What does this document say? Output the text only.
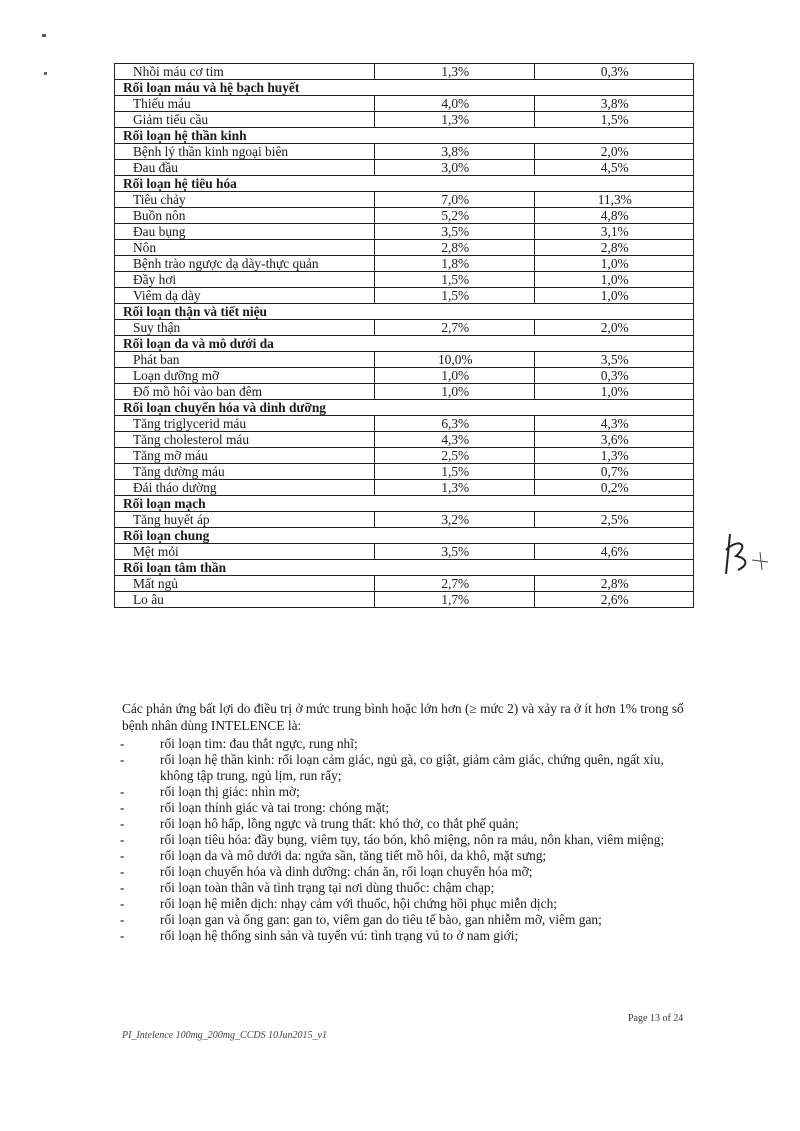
Nhồi máu cơ tim	1,3%	0,3%
Rối loạn máu và hệ bạch huyết		
Thiếu máu	4,0%	3,8%
Giảm tiểu cầu	1,3%	1,5%
Rối loạn hệ thần kinh		
Bệnh lý thần kinh ngoại biên	3,8%	2,0%
Đau đầu	3,0%	4,5%
Rối loạn hệ tiêu hóa		
Tiêu chảy	7,0%	11,3%
Buồn nôn	5,2%	4,8%
Đau bụng	3,5%	3,1%
Nôn	2,8%	2,8%
Bệnh trào ngược dạ dày-thực quản	1,8%	1,0%
Đầy hơi	1,5%	1,0%
Viêm dạ dày	1,5%	1,0%
Rối loạn thận và tiết niệu		
Suy thận	2,7%	2,0%
Rối loạn da và mô dưới da		
Phát ban	10,0%	3,5%
Loạn dưỡng mỡ	1,0%	0,3%
Đổ mồ hôi vào ban đêm	1,0%	1,0%
Rối loạn chuyển hóa và dinh dưỡng		
Tăng triglycerid máu	6,3%	4,3%
Tăng cholesterol máu	4,3%	3,6%
Tăng mỡ máu	2,5%	1,3%
Tăng dường máu	1,5%	0,7%
Đái tháo dường	1,3%	0,2%
Rối loạn mạch		
Tăng huyết áp	3,2%	2,5%
Rối loạn chung		
Mệt mỏi	3,5%	4,6%
Rối loạn tâm thần		
Mất ngủ	2,7%	2,8%
Lo âu	1,7%	2,6%

Các phản ứng bất lợi do điều trị ở mức trung bình hoặc lớn hơn (≥ mức 2) và xảy ra ở ít hơn 1% trong số bệnh nhân dùng INTELENCE là:

-	rối loạn tim: đau thắt ngực, rung nhĩ;
-	rối loạn hệ thần kinh: rối loạn cảm giác, ngủ gà, co giật, giảm cảm giác, chứng quên, ngất xỉu, không tập trung, ngủ lịm, run rẩy;
-	rối loạn thị giác: nhìn mờ;
-	rối loạn thính giác và tai trong: chóng mặt;
-	rối loạn hô hấp, lồng ngực và trung thất: khó thở, co thắt phế quản;
-	rối loạn tiêu hóa: đầy bụng, viêm tụy, táo bón, khô miệng, nôn ra máu, nôn khan, viêm miệng;
-	rối loạn da và mô dưới da: ngứa sần, tăng tiết mồ hôi, da khô, mặt sưng;
-	rối loạn chuyển hóa và dinh dưỡng: chán ăn, rối loạn chuyển hóa mỡ;
-	rối loạn toàn thân và tình trạng tại nơi dùng thuốc: chậm chạp;
-	rối loạn hệ miễn dịch: nhạy cảm với thuốc, hội chứng hồi phục miễn dịch;
-	rối loạn gan và ống gan: gan to, viêm gan do tiêu tế bào, gan nhiễm mỡ, viêm gan;
-	rối loạn hệ thống sinh sản và tuyến vú: tình trạng vú to ở nam giới;
PI_Intelence 100mg_200mg_CCDS 10Jun2015_v1
Page 13 of 24
